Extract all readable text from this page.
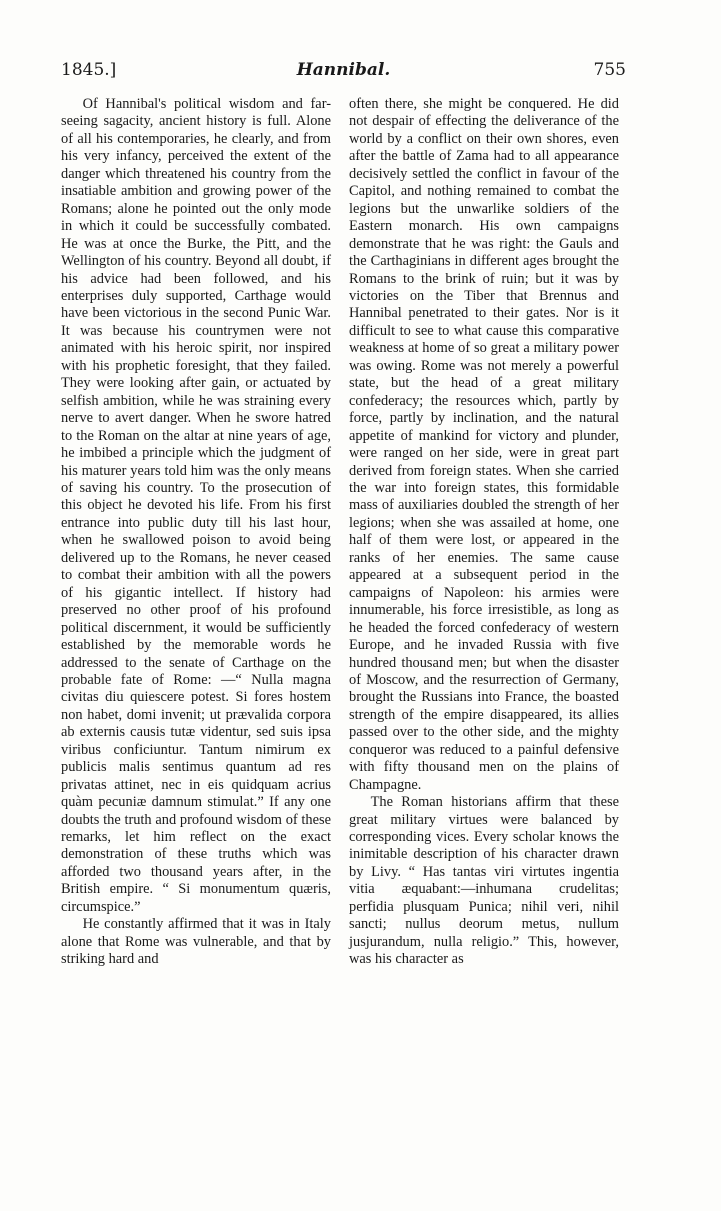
1845.]	Hannibal.	755

Of Hannibal's political wisdom and far-seeing sagacity, ancient history is full. Alone of all his contemporaries, he clearly, and from his very infancy, perceived the extent of the danger which threatened his country from the insatiable ambition and growing power of the Romans; alone he pointed out the only mode in which it could be successfully combated. He was at once the Burke, the Pitt, and the Wellington of his country. Beyond all doubt, if his advice had been followed, and his enterprises duly supported, Carthage would have been victorious in the second Punic War. It was because his countrymen were not animated with his heroic spirit, nor inspired with his prophetic foresight, that they failed. They were looking after gain, or actuated by selfish ambition, while he was straining every nerve to avert danger. When he swore hatred to the Roman on the altar at nine years of age, he imbibed a principle which the judgment of his maturer years told him was the only means of saving his country. To the prosecution of this object he devoted his life. From his first entrance into public duty till his last hour, when he swallowed poison to avoid being delivered up to the Romans, he never ceased to combat their ambition with all the powers of his gigantic intellect. If history had preserved no other proof of his profound political discernment, it would be sufficiently established by the memorable words he addressed to the senate of Carthage on the probable fate of Rome: —“ Nulla magna civitas diu quiescere potest. Si fores hostem non habet, domi invenit; ut prævalida corpora ab externis causis tutæ videntur, sed suis ipsa viribus conficiuntur. Tantum nimirum ex publicis malis sentimus quantum ad res privatas attinet, nec in eis quidquam acrius quàm pecuniæ damnum stimulat.” If any one doubts the truth and profound wisdom of these remarks, let him reflect on the exact demonstration of these truths which was afforded two thousand years after, in the British empire. “ Si monumentum quæris, circumspice.”

He constantly affirmed that it was in Italy alone that Rome was vulnerable, and that by striking hard and

often there, she might be conquered. He did not despair of effecting the deliverance of the world by a conflict on their own shores, even after the battle of Zama had to all appearance decisively settled the conflict in favour of the Capitol, and nothing remained to combat the legions but the unwarlike soldiers of the Eastern monarch. His own campaigns demonstrate that he was right: the Gauls and the Carthaginians in different ages brought the Romans to the brink of ruin; but it was by victories on the Tiber that Brennus and Hannibal penetrated to their gates. Nor is it difficult to see to what cause this comparative weakness at home of so great a military power was owing. Rome was not merely a powerful state, but the head of a great military confederacy; the resources which, partly by force, partly by inclination, and the natural appetite of mankind for victory and plunder, were ranged on her side, were in great part derived from foreign states. When she carried the war into foreign states, this formidable mass of auxiliaries doubled the strength of her legions; when she was assailed at home, one half of them were lost, or appeared in the ranks of her enemies. The same cause appeared at a subsequent period in the campaigns of Napoleon: his armies were innumerable, his force irresistible, as long as he headed the forced confederacy of western Europe, and he invaded Russia with five hundred thousand men; but when the disaster of Moscow, and the resurrection of Germany, brought the Russians into France, the boasted strength of the empire disappeared, its allies passed over to the other side, and the mighty conqueror was reduced to a painful defensive with fifty thousand men on the plains of Champagne.

The Roman historians affirm that these great military virtues were balanced by corresponding vices. Every scholar knows the inimitable description of his character drawn by Livy. “ Has tantas viri virtutes ingentia vitia æquabant:—inhumana crudelitas; perfidia plusquam Punica; nihil veri, nihil sancti; nullus deorum metus, nullum jusjurandum, nulla religio.” This, however, was his character as
